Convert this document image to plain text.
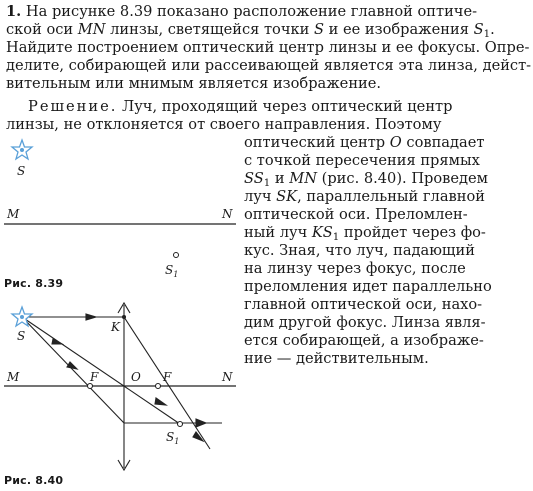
1. На рисунке 8.39 показано расположение главной оптиче-
ской оси MN линзы, светящейся точки S и ее изображения $S_1$.
Найдите построением оптический центр линзы и ее фокусы. Опре-
делите, собирающей или рассеивающей является эта линза, дейст-
вительным или мнимым является изображение.
Решение. Луч, проходящий через оптический центр
линзы, не отклоняется от своего направления. Поэтому
оптический центр O совпадает
с точкой пересечения прямых
$SS_1$ и MN (рис. 8.40). Проведем
луч SK, параллельный главной
оптической оси. Преломлен-
ный луч $KS_1$ пройдет через фо-
кус. Зная, что луч, падающий
на линзу через фокус, после
преломления идет параллельно
главной оптической оси, нахо-
дим другой фокус. Линза явля-
ется собирающей, а изображе-
ние — действительным.
S
M	N
$S_1$
S
K
M	N
F	O F
$S_1$
Рис. 8.39
Рис. 8.40
